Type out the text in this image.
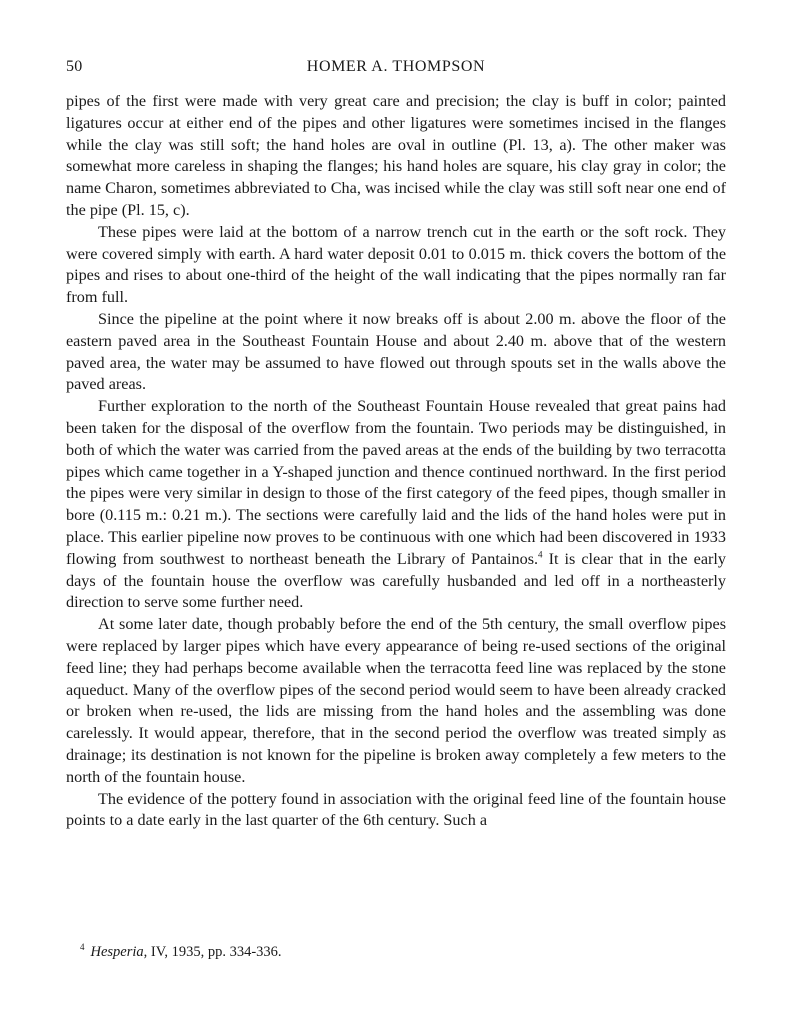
50	HOMER A. THOMPSON

pipes of the first were made with very great care and precision; the clay is buff in color; painted ligatures occur at either end of the pipes and other ligatures were sometimes incised in the flanges while the clay was still soft; the hand holes are oval in outline (Pl. 13, a). The other maker was somewhat more careless in shaping the flanges; his hand holes are square, his clay gray in color; the name Charon, sometimes abbreviated to Cha, was incised while the clay was still soft near one end of the pipe (Pl. 15, c).

These pipes were laid at the bottom of a narrow trench cut in the earth or the soft rock. They were covered simply with earth. A hard water deposit 0.01 to 0.015 m. thick covers the bottom of the pipes and rises to about one-third of the height of the wall indicating that the pipes normally ran far from full.

Since the pipeline at the point where it now breaks off is about 2.00 m. above the floor of the eastern paved area in the Southeast Fountain House and about 2.40 m. above that of the western paved area, the water may be assumed to have flowed out through spouts set in the walls above the paved areas.

Further exploration to the north of the Southeast Fountain House revealed that great pains had been taken for the disposal of the overflow from the fountain. Two periods may be distinguished, in both of which the water was carried from the paved areas at the ends of the building by two terracotta pipes which came together in a Y-shaped junction and thence continued northward. In the first period the pipes were very similar in design to those of the first category of the feed pipes, though smaller in bore (0.115 m.: 0.21 m.). The sections were carefully laid and the lids of the hand holes were put in place. This earlier pipeline now proves to be continuous with one which had been discovered in 1933 flowing from southwest to northeast beneath the Library of Pantainos.$^4$ It is clear that in the early days of the fountain house the overflow was carefully husbanded and led off in a northeasterly direction to serve some further need.

At some later date, though probably before the end of the 5th century, the small overflow pipes were replaced by larger pipes which have every appearance of being re-used sections of the original feed line; they had perhaps become available when the terracotta feed line was replaced by the stone aqueduct. Many of the overflow pipes of the second period would seem to have been already cracked or broken when re-used, the lids are missing from the hand holes and the assembling was done carelessly. It would appear, therefore, that in the second period the overflow was treated simply as drainage; its destination is not known for the pipeline is broken away completely a few meters to the north of the fountain house.

The evidence of the pottery found in association with the original feed line of the fountain house points to a date early in the last quarter of the 6th century. Such a

$^4$ Hesperia, IV, 1935, pp. 334-336.
